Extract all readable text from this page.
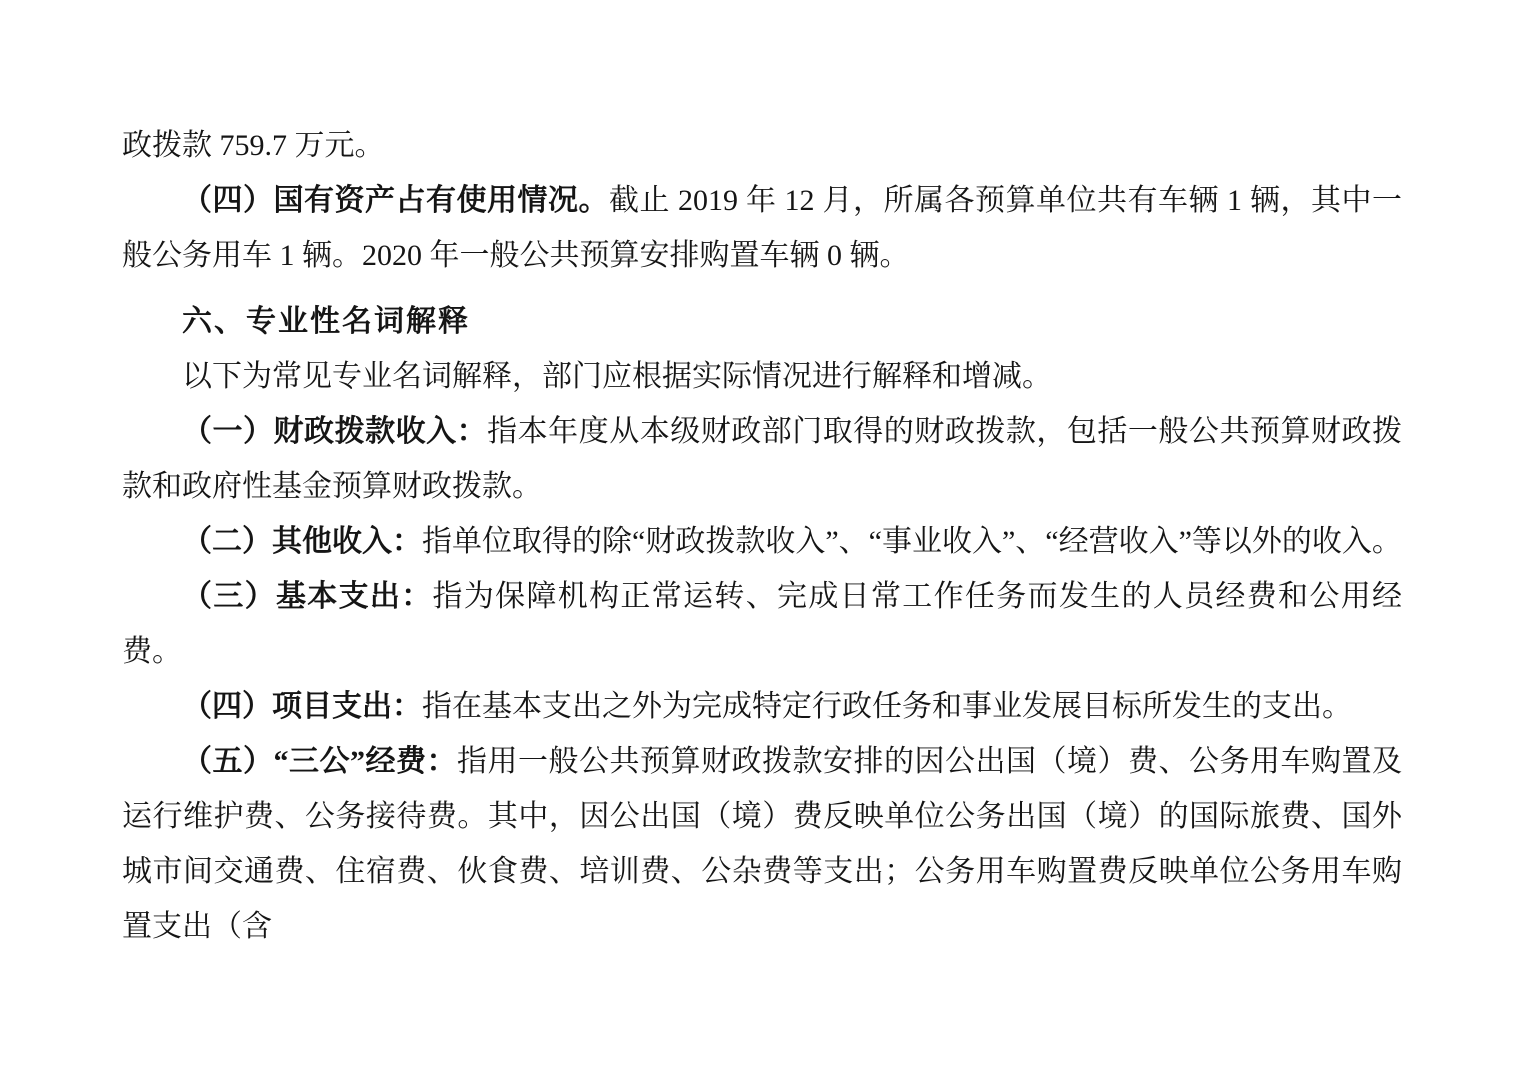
政拨款 759.7 万元。

（四）国有资产占有使用情况。截止 2019 年 12 月，所属各预算单位共有车辆 1 辆，其中一般公务用车 1 辆。2020 年一般公共预算安排购置车辆 0 辆。

六、专业性名词解释

以下为常见专业名词解释，部门应根据实际情况进行解释和增减。

（一）财政拨款收入：指本年度从本级财政部门取得的财政拨款，包括一般公共预算财政拨款和政府性基金预算财政拨款。

（二）其他收入：指单位取得的除“财政拨款收入”、“事业收入”、“经营收入”等以外的收入。

（三）基本支出：指为保障机构正常运转、完成日常工作任务而发生的人员经费和公用经费。

（四）项目支出：指在基本支出之外为完成特定行政任务和事业发展目标所发生的支出。

（五）“三公”经费：指用一般公共预算财政拨款安排的因公出国（境）费、公务用车购置及运行维护费、公务接待费。其中，因公出国（境）费反映单位公务出国（境）的国际旅费、国外城市间交通费、住宿费、伙食费、培训费、公杂费等支出；公务用车购置费反映单位公务用车购置支出（含
